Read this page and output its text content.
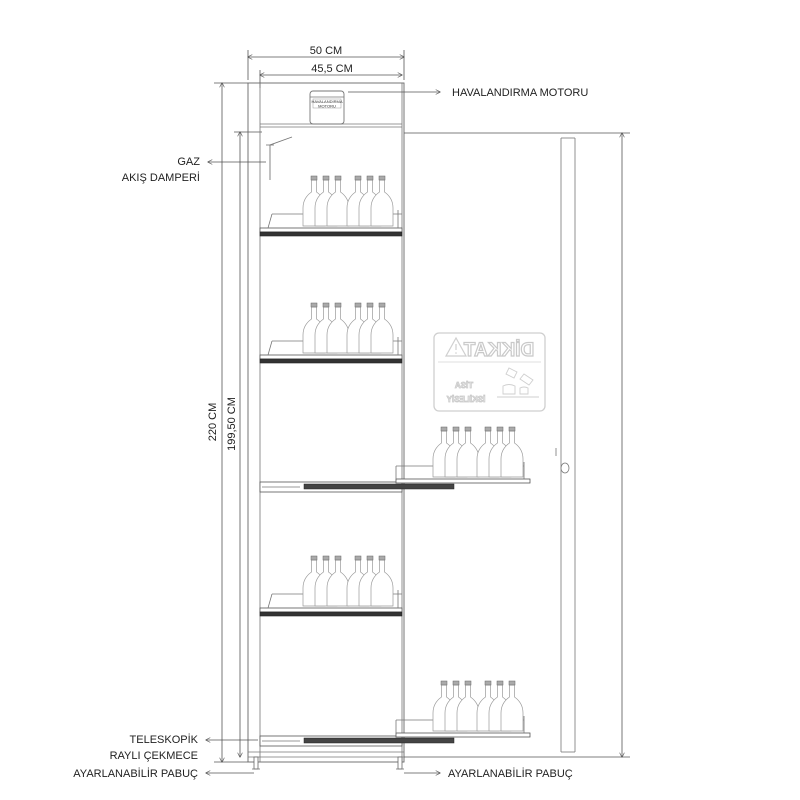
50 CM
45,5 CM
220 CM 199,50 CM
HAVALANDIRMA
MOTORU
DİKKAT
TİSA
İSKİLESİY
HAVALANDIRMA MOTORU
GAZ
AKIŞ DAMPERİ
TELESKOPİK
RAYLI ÇEKMECE
AYARLANABİLİR PABUÇ	AYARLANABİLİR PABUÇ
